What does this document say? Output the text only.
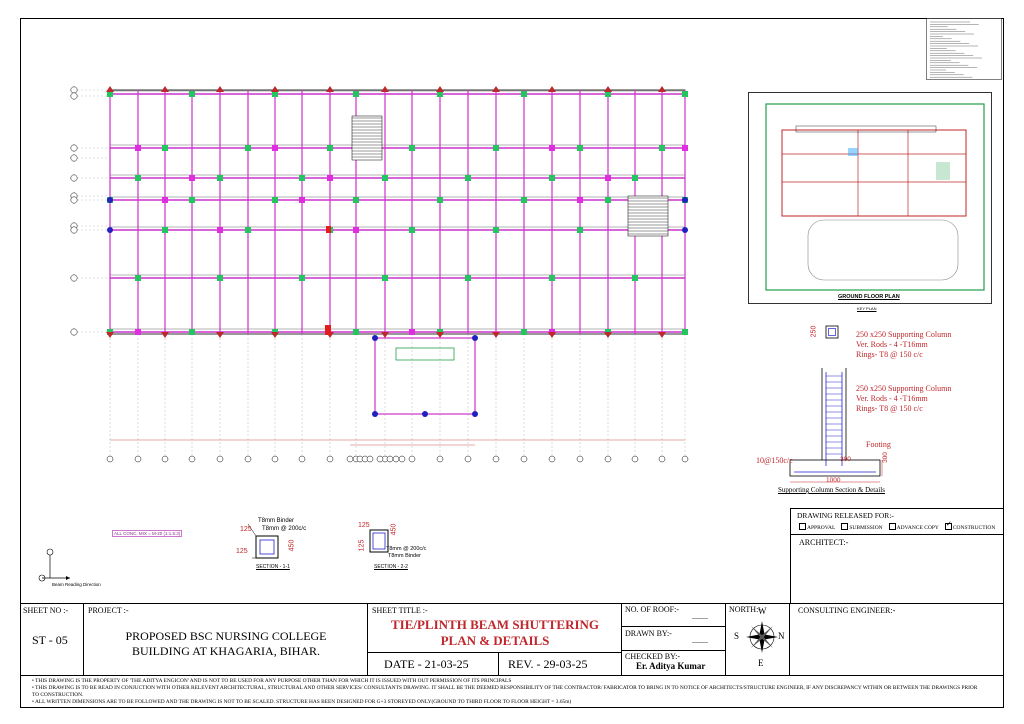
T8mm Binder
T8mm @ 200c/c
125
450
125
SECTION - 1-1
125	450
125	T8mm @ 200c/c
T8mm Binder
SECTION - 2-2
ALL CONC. MIX = M-20 (1:1.5:3)
Beam Reading Direction
GROUND FLOOR PLAN
KEY PLAN
250	250 x250 Supporting Column
Ver. Rods - 4 -T16mm
Rings- T8 @ 150 c/c
250 x250 Supporting Column
Ver. Rods - 4 -T16mm
Rings- T8 @ 150 c/c
Footing
10@150c/c	300	300
1000
Supporting Column Section & Details
DRAWING RELEASED FOR:-
APPROVAL	SUBMISSION	ADVANCE COPY ✓ CONSTRUCTION
ARCHITECT:-
SHEET NO :-
ST - 05
PROJECT :-
PROPOSED BSC NURSING COLLEGE
BUILDING AT KHAGARIA, BIHAR.
SHEET TITLE :-
TIE/PLINTH BEAM SHUTTERING
PLAN & DETAILS
DATE - 21-03-25	REV. - 29-03-25
NO. OF ROOF:-
--------
DRAWN BY:-
--------
CHECKED BY:-
Er. Aditya Kumar
NORTH:-
W
S	N
E
CONSULTING ENGINEER:-
• THIS DRAWING IS THE PROPERTY OF 'THE ADITYA ENGICON' AND IS NOT TO BE USED FOR ANY PURPOSE OTHER THAN FOR WHICH IT IS ISSUED WITH OUT PERMISSION OF ITS PRINCIPALS
• THIS DRAWING IS TO BE READ IN CONJUCTION WITH OTHER RELEVENT ARCHITECTURAL, STRUCTURAL AND OTHER SERVICES/ CONSULTANTS DRAWING. IT SHALL BE THE DEEMED RESPONSIBILITY OF THE CONTRACTOR/ FABRICATOR TO BRING IN TO NOTICE OF ARCHITECTS/STRUCTURE ENGINEER, IF ANY DISCREPANCY WITHIN OR BETWEEN THE DRAWINGS PRIOR TO CONSTRUCTION.
• ALL WRITTEN DIMENSIONS ARE TO BE FOLLOWED AND THE DRAWING IS NOT TO BE SCALED. STRUCTURE HAS BEEN DESIGNED FOR G+3 STOREYED ONLY(GROUND TO THIRD FLOOR TO FLOOR HEIGHT = 3.65m)
